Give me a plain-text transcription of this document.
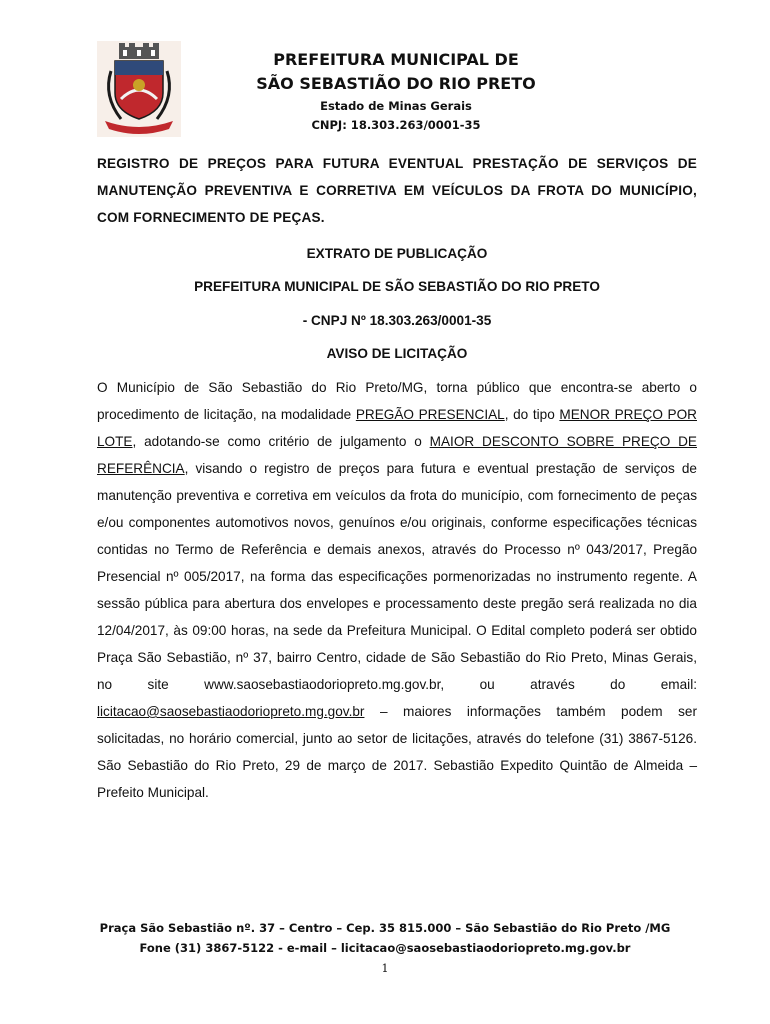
PREFEITURA MUNICIPAL DE
SÃO SEBASTIÃO DO RIO PRETO
Estado de Minas Gerais
CNPJ: 18.303.263/0001-35
REGISTRO DE PREÇOS PARA FUTURA EVENTUAL PRESTAÇÃO DE SERVIÇOS DE MANUTENÇÃO PREVENTIVA E CORRETIVA EM VEÍCULOS DA FROTA DO MUNICÍPIO, COM FORNECIMENTO DE PEÇAS.
EXTRATO DE PUBLICAÇÃO
PREFEITURA MUNICIPAL DE SÃO SEBASTIÃO DO RIO PRETO
- CNPJ Nº 18.303.263/0001-35
AVISO DE LICITAÇÃO
O Município de São Sebastião do Rio Preto/MG, torna público que encontra-se aberto o procedimento de licitação, na modalidade PREGÃO PRESENCIAL, do tipo MENOR PREÇO POR LOTE, adotando-se como critério de julgamento o MAIOR DESCONTO SOBRE PREÇO DE REFERÊNCIA, visando o registro de preços para futura e eventual prestação de serviços de manutenção preventiva e corretiva em veículos da frota do município, com fornecimento de peças e/ou componentes automotivos novos, genuínos e/ou originais, conforme especificações técnicas contidas no Termo de Referência e demais anexos, através do Processo nº 043/2017, Pregão Presencial nº 005/2017, na forma das especificações pormenorizadas no instrumento regente. A sessão pública para abertura dos envelopes e processamento deste pregão será realizada no dia 12/04/2017, às 09:00 horas, na sede da Prefeitura Municipal. O Edital completo poderá ser obtido Praça São Sebastião, nº 37, bairro Centro, cidade de São Sebastião do Rio Preto, Minas Gerais, no site www.saosebastiaodoriopreto.mg.gov.br, ou através do email: licitacao@saosebastiaodoriopreto.mg.gov.br – maiores informações também podem ser solicitadas, no horário comercial, junto ao setor de licitações, através do telefone (31) 3867-5126. São Sebastião do Rio Preto, 29 de março de 2017. Sebastião Expedito Quintão de Almeida – Prefeito Municipal.
Praça São Sebastião nº. 37 – Centro – Cep. 35 815.000 – São Sebastião do Rio Preto /MG
Fone (31) 3867-5122 - e-mail – licitacao@saosebastiaodoriopreto.mg.gov.br
1
